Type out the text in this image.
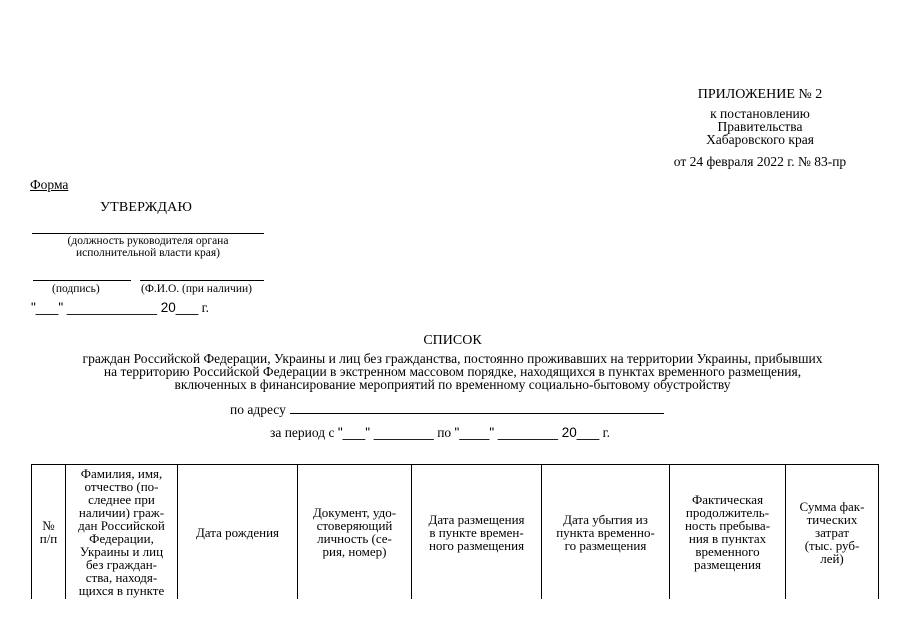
ПРИЛОЖЕНИЕ № 2
к постановлению
Правительства
Хабаровского края
от 24 февраля 2022 г. № 83-пр
Форма
УТВЕРЖДАЮ
(должность руководителя органа
исполнительной власти края)
(подпись)	(Ф.И.О. (при наличии)
"___" ____________ 20___ г.
СПИСОК
граждан Российской Федерации, Украины и лиц без гражданства, постоянно проживавших на территории Украины, прибывших
на территорию Российской Федерации в экстренном массовом порядке, находящихся в пунктах временного размещения,
включенных в финансирование мероприятий по временному социально-бытовому обустройству
по адресу
за период с "___" ________ по "____" ________ 20___ г.
№
п/п	Фамилия, имя,
отчество (по-
следнее при
наличии) граж-
дан Российской
Федерации,
Украины и лиц
без граждан-
ства, находя-
щихся в пункте	Дата рождения	Документ, удо-
стоверяющий
личность (се-
рия, номер)	Дата размещения
в пункте времен-
ного размещения	Дата убытия из
пункта временно-
го размещения	Фактическая
продолжитель-
ность пребыва-
ния в пунктах
временного
размещения	Сумма фак-
тических
затрат
(тыс. руб-
лей)
